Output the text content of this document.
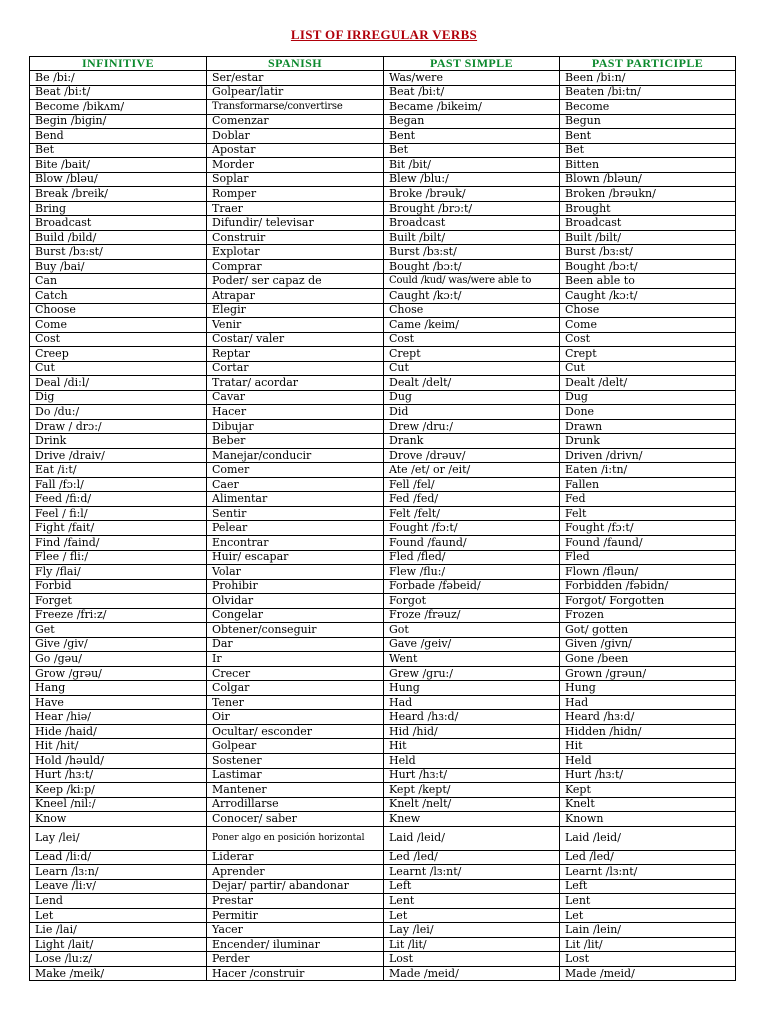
LIST OF IRREGULAR VERBS
INFINITIVE	SPANISH	PAST SIMPLE	PAST PARTICIPLE
Be /bi:/	Ser/estar	Was/were	Been /bi:n/
Beat /bi:t/	Golpear/latir	Beat /bi:t/	Beaten /bi:tn/
Become /bikʌm/	Transformarse/convertirse	Became /bikeim/	Become
Begin /bigin/	Comenzar	Began	Begun
Bend	Doblar	Bent	Bent
Bet	Apostar	Bet	Bet
Bite /bait/	Morder	Bit /bit/	Bitten
Blow /bləu/	Soplar	Blew /blu:/	Blown /bləun/
Break /breik/	Romper	Broke /brəuk/	Broken /brəukn/
Bring	Traer	Brought /brɔ:t/	Brought
Broadcast	Difundir/ televisar	Broadcast	Broadcast
Build /bild/	Construir	Built /bilt/	Built /bilt/
Burst /bɜ:st/	Explotar	Burst /bɜ:st/	Burst /bɜ:st/
Buy /bai/	Comprar	Bought /bɔ:t/	Bought /bɔ:t/
Can	Poder/ ser capaz de	Could /kud/ was/were able to	Been able to
Catch	Atrapar	Caught /kɔ:t/	Caught /kɔ:t/
Choose	Elegir	Chose	Chose
Come	Venir	Came /keim/	Come
Cost	Costar/ valer	Cost	Cost
Creep	Reptar	Crept	Crept
Cut	Cortar	Cut	Cut
Deal /di:l/	Tratar/ acordar	Dealt /delt/	Dealt /delt/
Dig	Cavar	Dug	Dug
Do /du:/	Hacer	Did	Done
Draw / drɔ:/	Dibujar	Drew /dru:/	Drawn
Drink	Beber	Drank	Drunk
Drive /draiv/	Manejar/conducir	Drove /drəuv/	Driven /drivn/
Eat /i:t/	Comer	Ate /et/ or /eit/	Eaten /i:tn/
Fall /fɔ:l/	Caer	Fell /fel/	Fallen
Feed /fi:d/	Alimentar	Fed /fed/	Fed
Feel / fi:l/	Sentir	Felt /felt/	Felt
Fight /fait/	Pelear	Fought /fɔ:t/	Fought /fɔ:t/
Find /faind/	Encontrar	Found /faund/	Found /faund/
Flee / fli:/	Huir/ escapar	Fled /fled/	Fled
Fly /flai/	Volar	Flew /flu:/	Flown /fləun/
Forbid	Prohibir	Forbade /fəbeid/	Forbidden /fəbidn/
Forget	Olvidar	Forgot	Forgot/ Forgotten
Freeze /fri:z/	Congelar	Froze /frəuz/	Frozen
Get	Obtener/conseguir	Got	Got/ gotten
Give /giv/	Dar	Gave /geiv/	Given /givn/
Go /gəu/	Ir	Went	Gone /been
Grow /grəu/	Crecer	Grew /gru:/	Grown /grəun/
Hang	Colgar	Hung	Hung
Have	Tener	Had	Had
Hear /hiə/	Oir	Heard /hɜ:d/	Heard /hɜ:d/
Hide /haid/	Ocultar/ esconder	Hid /hid/	Hidden /hidn/
Hit /hit/	Golpear	Hit	Hit
Hold /həuld/	Sostener	Held	Held
Hurt /hɜ:t/	Lastimar	Hurt /hɜ:t/	Hurt /hɜ:t/
Keep /ki:p/	Mantener	Kept /kept/	Kept
Kneel /nil:/	Arrodillarse	Knelt /nelt/	Knelt
Know	Conocer/ saber	Knew	Known
Lay /lei/	Poner algo en posición horizontal	Laid /leid/	Laid /leid/
Lead /li:d/	Liderar	Led /led/	Led /led/
Learn /lɜ:n/	Aprender	Learnt /lɜ:nt/	Learnt /lɜ:nt/
Leave /li:v/	Dejar/ partir/ abandonar	Left	Left
Lend	Prestar	Lent	Lent
Let	Permitir	Let	Let
Lie /lai/	Yacer	Lay /lei/	Lain /lein/
Light /lait/	Encender/ iluminar	Lit /lit/	Lit /lit/
Lose /lu:z/	Perder	Lost	Lost
Make /meik/	Hacer /construir	Made /meid/	Made /meid/
